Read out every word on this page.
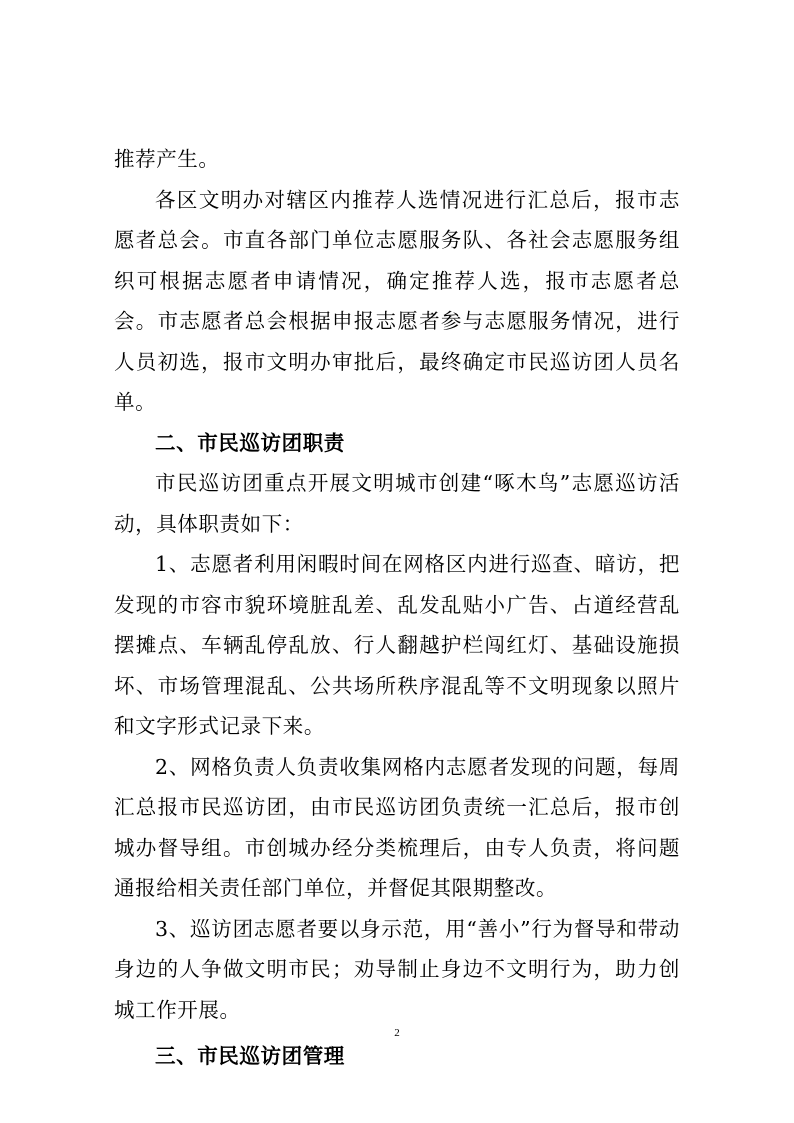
推荐产生。

各区文明办对辖区内推荐人选情况进行汇总后，报市志愿者总会。市直各部门单位志愿服务队、各社会志愿服务组织可根据志愿者申请情况，确定推荐人选，报市志愿者总会。市志愿者总会根据申报志愿者参与志愿服务情况，进行人员初选，报市文明办审批后，最终确定市民巡访团人员名单。

二、市民巡访团职责

市民巡访团重点开展文明城市创建“啄木鸟”志愿巡访活动，具体职责如下：

1、志愿者利用闲暇时间在网格区内进行巡查、暗访，把发现的市容市貌环境脏乱差、乱发乱贴小广告、占道经营乱摆摊点、车辆乱停乱放、行人翻越护栏闯红灯、基础设施损坏、市场管理混乱、公共场所秩序混乱等不文明现象以照片和文字形式记录下来。

2、网格负责人负责收集网格内志愿者发现的问题，每周汇总报市民巡访团，由市民巡访团负责统一汇总后，报市创城办督导组。市创城办经分类梳理后，由专人负责，将问题通报给相关责任部门单位，并督促其限期整改。

3、巡访团志愿者要以身示范，用“善小”行为督导和带动身边的人争做文明市民；劝导制止身边不文明行为，助力创城工作开展。

三、市民巡访团管理

2
